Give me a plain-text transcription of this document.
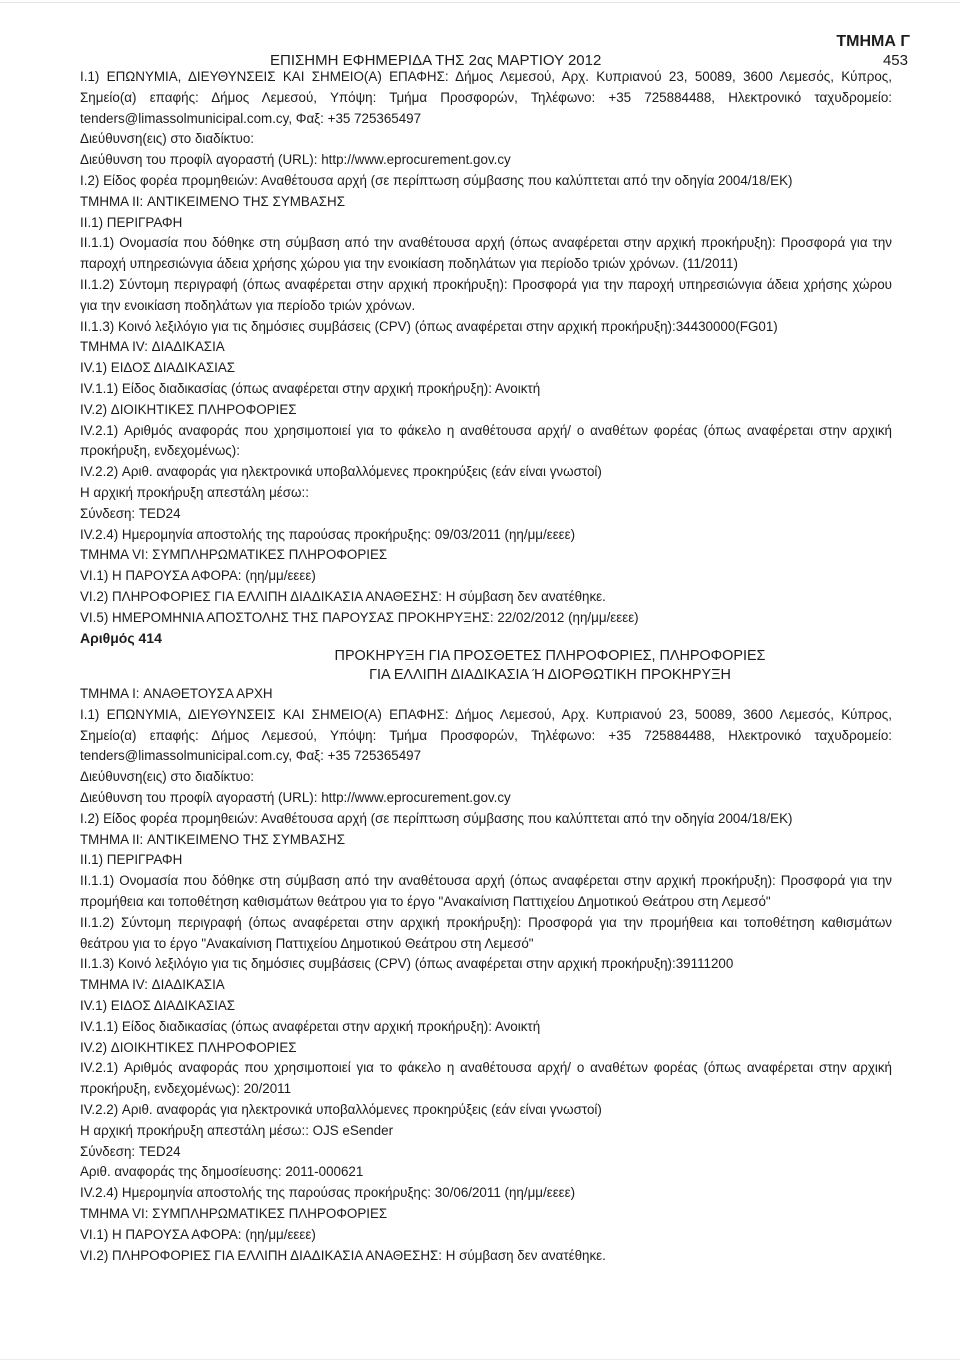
ΤΜΗΜΑ Γ
ΕΠΙΣΗΜΗ ΕΦΗΜΕΡΙΔΑ ΤΗΣ 2ας ΜΑΡΤΙΟΥ 2012	453

I.1) ΕΠΩΝΥΜΙΑ, ΔΙΕΥΘΥΝΣΕΙΣ ΚΑΙ ΣΗΜΕΙΟ(Α) ΕΠΑΦΗΣ: Δήμος Λεμεσού, Αρχ. Κυπριανού 23, 50089, 3600 Λεμεσός, Κύπρος, Σημείο(α) επαφής: Δήμος Λεμεσού, Υπόψη: Τμήμα Προσφορών, Τηλέφωνο: +35 725884488, Ηλεκτρονικό ταχυδρομείο: tenders@limassolmunicipal.com.cy, Φαξ: +35 725365497

Διεύθυνση(εις) στο διαδίκτυο:

Διεύθυνση του προφίλ αγοραστή (URL): http://www.eprocurement.gov.cy

I.2) Είδος φορέα προμηθειών: Αναθέτουσα αρχή (σε περίπτωση σύμβασης που καλύπτεται από την οδηγία 2004/18/ΕΚ)

ΤΜΗΜΑ II: ΑΝΤΙΚΕΙΜΕΝΟ ΤΗΣ ΣΥΜΒΑΣΗΣ

II.1) ΠΕΡΙΓΡΑΦΗ

II.1.1) Ονομασία που δόθηκε στη σύμβαση από την αναθέτουσα αρχή (όπως αναφέρεται στην αρχική προκήρυξη): Προσφορά για την παροχή υπηρεσιώνγια άδεια χρήσης χώρου για την ενοικίαση ποδηλάτων για περίοδο τριών χρόνων. (11/2011)

II.1.2) Σύντομη περιγραφή (όπως αναφέρεται στην αρχική προκήρυξη): Προσφορά για την παροχή υπηρεσιώνγια άδεια χρήσης χώρου για την ενοικίαση ποδηλάτων για περίοδο τριών χρόνων.

II.1.3) Κοινό λεξιλόγιο για τις δημόσιες συμβάσεις (CPV) (όπως αναφέρεται στην αρχική προκήρυξη):34430000(FG01)

ΤΜΗΜΑ IV: ΔΙΑΔΙΚΑΣΙΑ

IV.1) ΕΙΔΟΣ ΔΙΑΔΙΚΑΣΙΑΣ

IV.1.1) Είδος διαδικασίας (όπως αναφέρεται στην αρχική προκήρυξη): Ανοικτή

IV.2) ΔΙΟΙΚΗΤΙΚΕΣ ΠΛΗΡΟΦΟΡΙΕΣ

IV.2.1) Αριθμός αναφοράς που χρησιμοποιεί για το φάκελο η αναθέτουσα αρχή/ ο αναθέτων φορέας (όπως αναφέρεται στην αρχική προκήρυξη, ενδεχομένως):

IV.2.2) Αριθ. αναφοράς για ηλεκτρονικά υποβαλλόμενες προκηρύξεις (εάν είναι γνωστοί)

Η αρχική προκήρυξη απεστάλη μέσω::

Σύνδεση: TED24

IV.2.4) Ημερομηνία αποστολής της παρούσας προκήρυξης: 09/03/2011 (ηη/μμ/εεεε)

ΤΜΗΜΑ VI: ΣΥΜΠΛΗΡΩΜΑΤΙΚΕΣ ΠΛΗΡΟΦΟΡΙΕΣ

VI.1) Η ΠΑΡΟΥΣΑ ΑΦΟΡΑ: (ηη/μμ/εεεε)

VI.2) ΠΛΗΡΟΦΟΡΙΕΣ ΓΙΑ ΕΛΛΙΠΗ ΔΙΑΔΙΚΑΣΙΑ ΑΝΑΘΕΣΗΣ: Η σύμβαση δεν ανατέθηκε.

VI.5) ΗΜΕΡΟΜΗΝΙΑ ΑΠΟΣΤΟΛΗΣ ΤΗΣ ΠΑΡΟΥΣΑΣ ΠΡΟΚΗΡΥΞΗΣ: 22/02/2012 (ηη/μμ/εεεε)

Αριθμός 414

ΠΡΟΚΗΡΥΞΗ ΓΙΑ ΠΡΟΣΘΕΤΕΣ ΠΛΗΡΟΦΟΡΙΕΣ, ΠΛΗΡΟΦΟΡΙΕΣ

ΓΙΑ ΕΛΛΙΠΗ ΔΙΑΔΙΚΑΣΙΑ Ή ΔΙΟΡΘΩΤΙΚΗ ΠΡΟΚΗΡΥΞΗ

ΤΜΗΜΑ I: ΑΝΑΘΕΤΟΥΣΑ ΑΡΧΗ

I.1) ΕΠΩΝΥΜΙΑ, ΔΙΕΥΘΥΝΣΕΙΣ ΚΑΙ ΣΗΜΕΙΟ(Α) ΕΠΑΦΗΣ: Δήμος Λεμεσού, Αρχ. Κυπριανού 23, 50089, 3600 Λεμεσός, Κύπρος, Σημείο(α) επαφής: Δήμος Λεμεσού, Υπόψη: Τμήμα Προσφορών, Τηλέφωνο: +35 725884488, Ηλεκτρονικό ταχυδρομείο: tenders@limassolmunicipal.com.cy, Φαξ: +35 725365497

Διεύθυνση(εις) στο διαδίκτυο:

Διεύθυνση του προφίλ αγοραστή (URL): http://www.eprocurement.gov.cy

I.2) Είδος φορέα προμηθειών: Αναθέτουσα αρχή (σε περίπτωση σύμβασης που καλύπτεται από την οδηγία 2004/18/ΕΚ)

ΤΜΗΜΑ II: ΑΝΤΙΚΕΙΜΕΝΟ ΤΗΣ ΣΥΜΒΑΣΗΣ

II.1) ΠΕΡΙΓΡΑΦΗ

II.1.1) Ονομασία που δόθηκε στη σύμβαση από την αναθέτουσα αρχή (όπως αναφέρεται στην αρχική προκήρυξη): Προσφορά για την προμήθεια και τοποθέτηση καθισμάτων θεάτρου για το έργο "Ανακαίνιση Παττιχείου Δημοτικού Θεάτρου στη Λεμεσό"

II.1.2) Σύντομη περιγραφή (όπως αναφέρεται στην αρχική προκήρυξη): Προσφορά για την προμήθεια και τοποθέτηση καθισμάτων θεάτρου για το έργο "Ανακαίνιση Παττιχείου Δημοτικού Θεάτρου στη Λεμεσό"

II.1.3) Κοινό λεξιλόγιο για τις δημόσιες συμβάσεις (CPV) (όπως αναφέρεται στην αρχική προκήρυξη):39111200

ΤΜΗΜΑ IV: ΔΙΑΔΙΚΑΣΙΑ

IV.1) ΕΙΔΟΣ ΔΙΑΔΙΚΑΣΙΑΣ

IV.1.1) Είδος διαδικασίας (όπως αναφέρεται στην αρχική προκήρυξη): Ανοικτή

IV.2) ΔΙΟΙΚΗΤΙΚΕΣ ΠΛΗΡΟΦΟΡΙΕΣ

IV.2.1) Αριθμός αναφοράς που χρησιμοποιεί για το φάκελο η αναθέτουσα αρχή/ ο αναθέτων φορέας (όπως αναφέρεται στην αρχική προκήρυξη, ενδεχομένως): 20/2011

IV.2.2) Αριθ. αναφοράς για ηλεκτρονικά υποβαλλόμενες προκηρύξεις (εάν είναι γνωστοί)

Η αρχική προκήρυξη απεστάλη μέσω:: OJS eSender

Σύνδεση: TED24

Αριθ. αναφοράς της δημοσίευσης: 2011-000621

IV.2.4) Ημερομηνία αποστολής της παρούσας προκήρυξης: 30/06/2011 (ηη/μμ/εεεε)

ΤΜΗΜΑ VI: ΣΥΜΠΛΗΡΩΜΑΤΙΚΕΣ ΠΛΗΡΟΦΟΡΙΕΣ

VI.1) Η ΠΑΡΟΥΣΑ ΑΦΟΡΑ: (ηη/μμ/εεεε)

VI.2) ΠΛΗΡΟΦΟΡΙΕΣ ΓΙΑ ΕΛΛΙΠΗ ΔΙΑΔΙΚΑΣΙΑ ΑΝΑΘΕΣΗΣ: Η σύμβαση δεν ανατέθηκε.
